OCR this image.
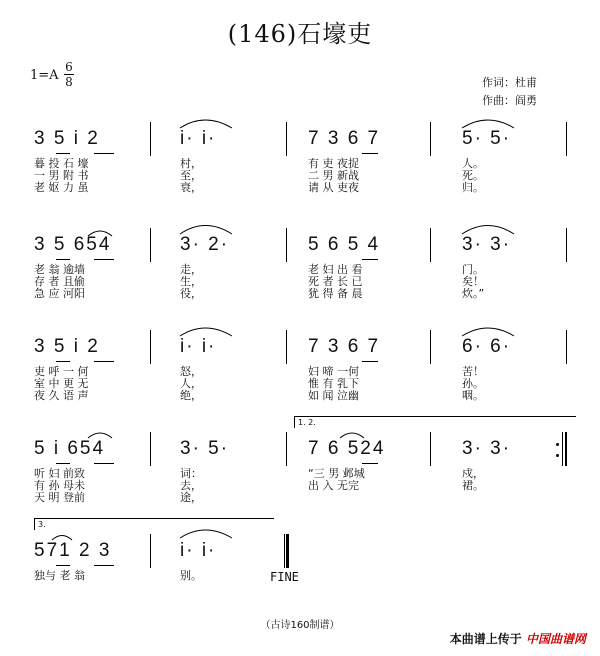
(146)石壕吏
$1=A \frac{6}{8}$	作词：杜甫
作曲：阎勇
3 5 i 2	i· i·	7 3 6 7	5· 5·
暮 投 石 壕	村，	有 吏 夜捉	人。
一 男 附 书	至，	二 男 新战	死。
老 妪 力 虽	衰，	请 从 吏夜	归。
3 5 654	3· 2·	5 6 5 4	3· 3·
老 翁 逾墙	走，	老 妇 出 看	门。
存 者 且偷	生，	死 者 长 已	矣！
急 应 河阳	役，	犹 得 备 晨	炊。”
3 5 i 2	i· i·	7 3 6 7	6· 6·
吏 呼 一 何	怒，	妇 啼 一何	苦！
室 中 更 无	人，	惟 有 乳下	孙。
夜 久 语 声	绝，	如 闻 泣幽	咽。
5 i 654	3· 5·	7 6 524	3· 3·
听 妇 前致	词：	“三 男 邺城	戍，
有 孙 母未	去，	出 入 无完	裙。
天 明 登前	途，
1. 2.
571 2 3	i· i·
独与 老 翁	别。
3.
FINE
（古诗160制谱）
本曲谱上传于 中国曲谱网
